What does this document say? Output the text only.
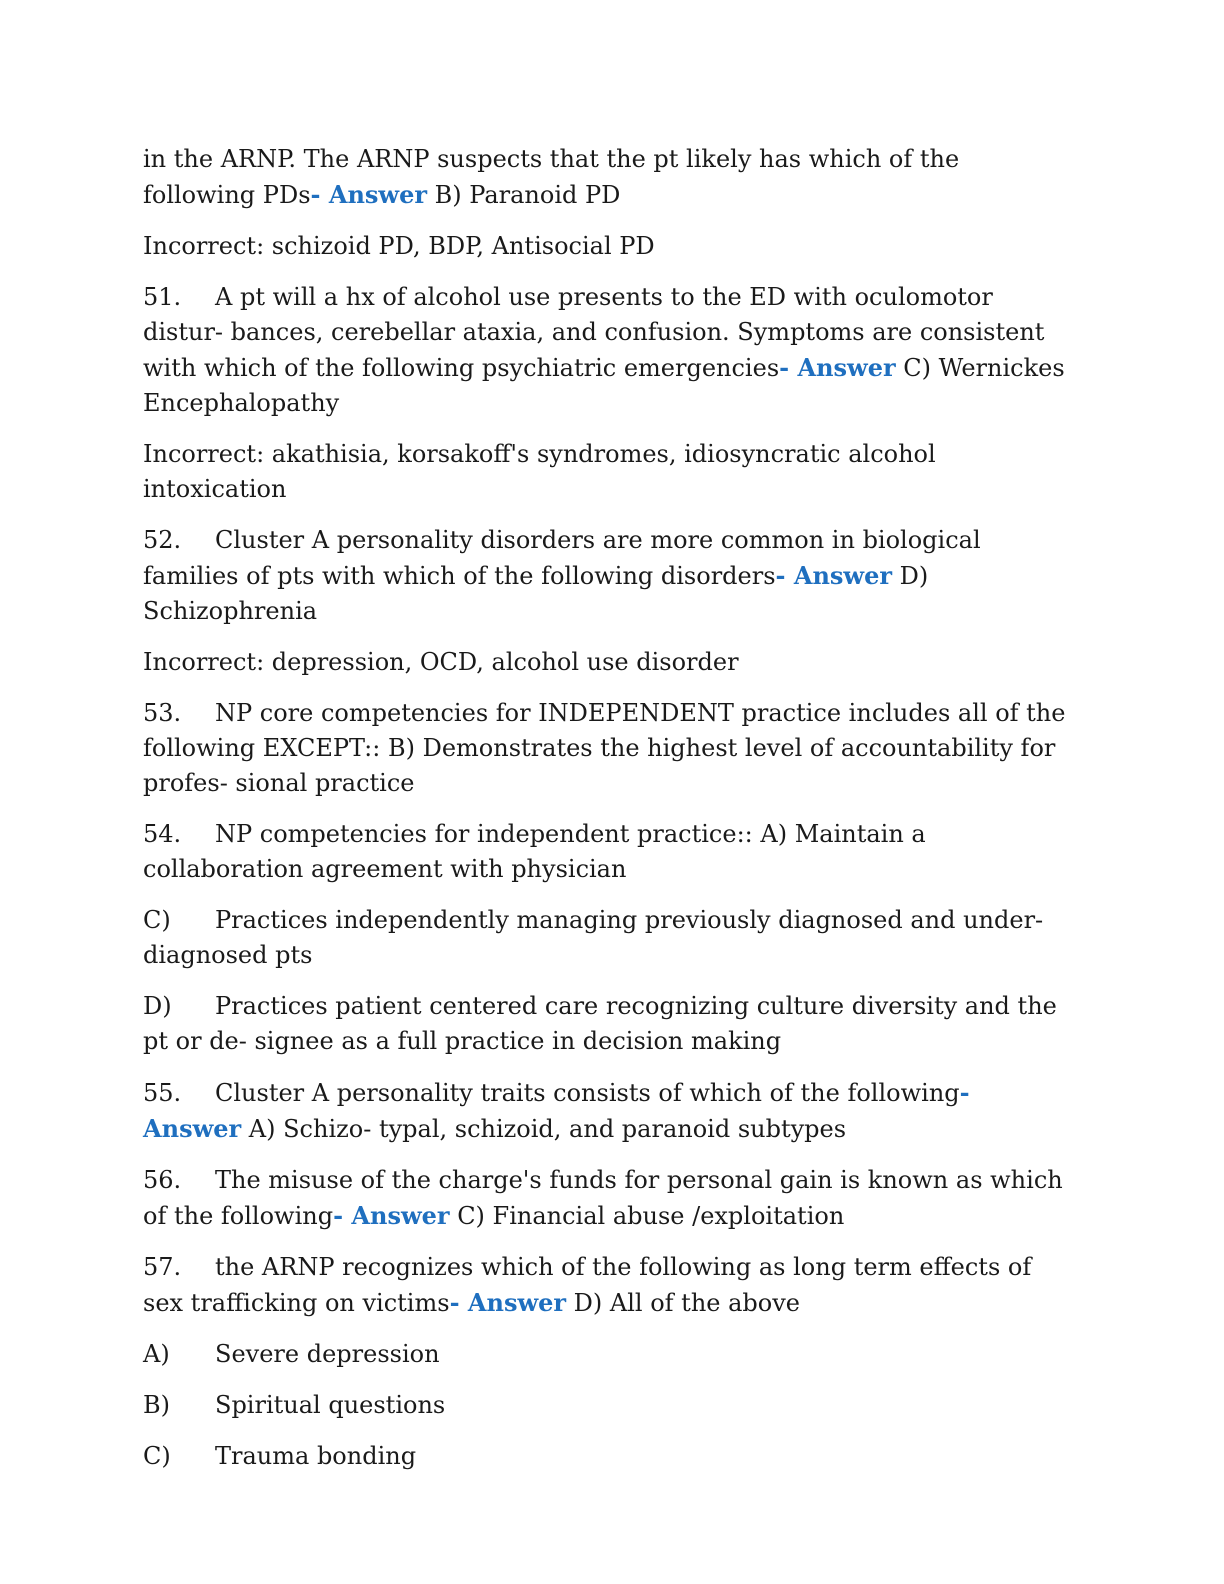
in the ARNP. The ARNP suspects that the pt likely has which of the following PDs- Answer B) Paranoid PD

Incorrect: schizoid PD, BDP, Antisocial PD

51. A pt will a hx of alcohol use presents to the ED with oculomotor distur- bances, cerebellar ataxia, and confusion. Symptoms are consistent with which of the following psychiatric emergencies- Answer C) Wernickes Encephalopathy

Incorrect: akathisia, korsakoff's syndromes, idiosyncratic alcohol intoxication

52. Cluster A personality disorders are more common in biological families of pts with which of the following disorders- Answer D) Schizophrenia

Incorrect: depression, OCD, alcohol use disorder

53. NP core competencies for INDEPENDENT practice includes all of the following EXCEPT:: B) Demonstrates the highest level of accountability for profes- sional practice

54. NP competencies for independent practice:: A) Maintain a collaboration agreement with physician

C) Practices independently managing previously diagnosed and under- diagnosed pts

D) Practices patient centered care recognizing culture diversity and the pt or de- signee as a full practice in decision making

55. Cluster A personality traits consists of which of the following- Answer A) Schizo- typal, schizoid, and paranoid subtypes

56. The misuse of the charge's funds for personal gain is known as which of the following- Answer C) Financial abuse /exploitation

57. the ARNP recognizes which of the following as long term effects of sex trafficking on victims- Answer D) All of the above

A) Severe depression

B) Spiritual questions

C) Trauma bonding
